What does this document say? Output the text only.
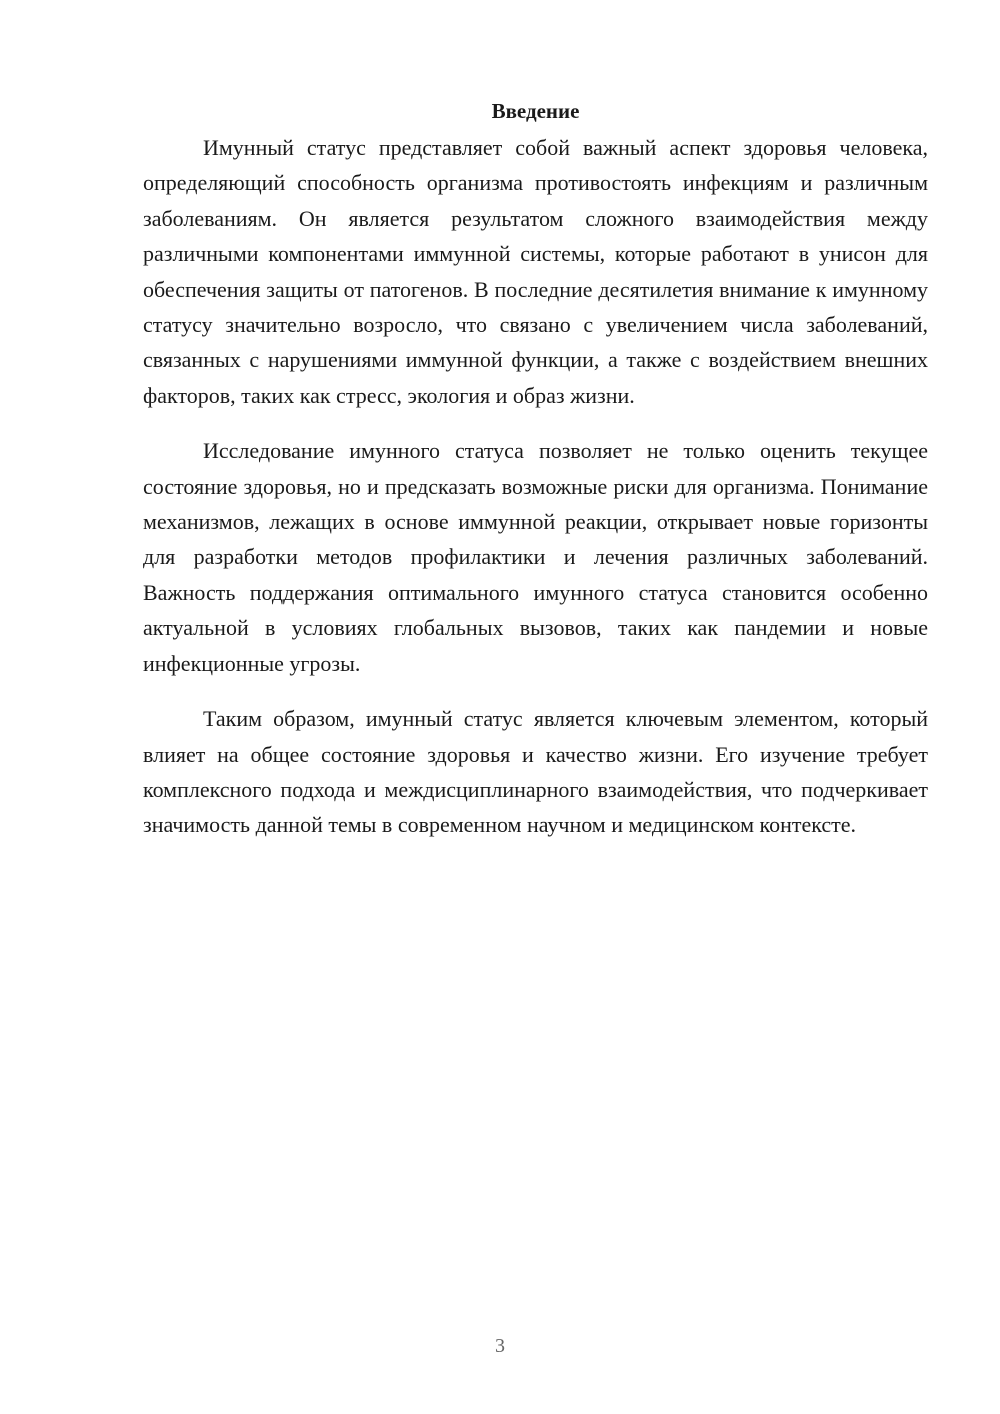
Введение

Имунный статус представляет собой важный аспект здоровья человека, определяющий способность организма противостоять инфекциям и различным заболеваниям. Он является результатом сложного взаимодействия между различными компонентами иммунной системы, которые работают в унисон для обеспечения защиты от патогенов. В последние десятилетия внимание к имунному статусу значительно возросло, что связано с увеличением числа заболеваний, связанных с нарушениями иммунной функции, а также с воздействием внешних факторов, таких как стресс, экология и образ жизни.

Исследование имунного статуса позволяет не только оценить текущее состояние здоровья, но и предсказать возможные риски для организма. Понимание механизмов, лежащих в основе иммунной реакции, открывает новые горизонты для разработки методов профилактики и лечения различных заболеваний. Важность поддержания оптимального имунного статуса становится особенно актуальной в условиях глобальных вызовов, таких как пандемии и новые инфекционные угрозы.

Таким образом, имунный статус является ключевым элементом, который влияет на общее состояние здоровья и качество жизни. Его изучение требует комплексного подхода и междисциплинарного взаимодействия, что подчеркивает значимость данной темы в современном научном и медицинском контексте.

3
